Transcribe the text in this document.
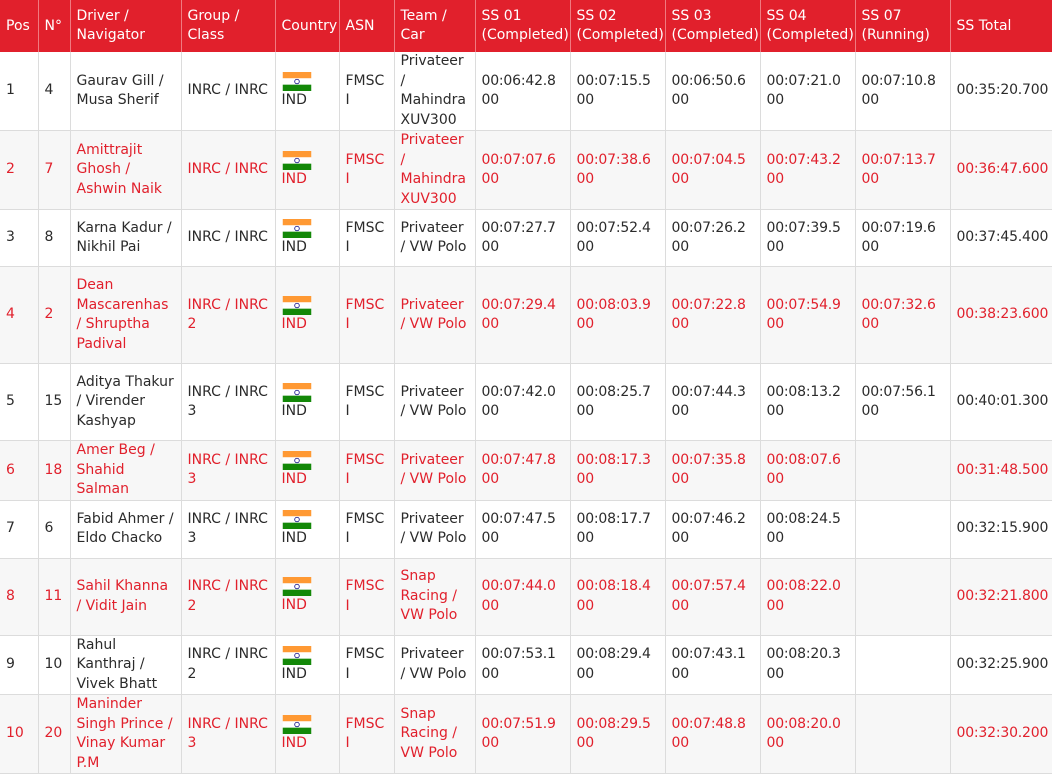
Pos	N°	Driver / Navigator	Group / Class	Country	ASN	Team / Car	SS 01 (Completed)	SS 02 (Completed)	SS 03 (Completed)	SS 04 (Completed)	SS 07 (Running)	SS Total
1	4	Gaurav Gill / Musa Sherif	INRC / INRC	IND	FMSCI	Privateer / Mahindra XUV300	00:06:42.800	00:07:15.500	00:06:50.600	00:07:21.000	00:07:10.800	00:35:20.700
2	7	Amittrajit Ghosh / Ashwin Naik	INRC / INRC	IND	FMSCI	Privateer / Mahindra XUV300	00:07:07.600	00:07:38.600	00:07:04.500	00:07:43.200	00:07:13.700	00:36:47.600
3	8	Karna Kadur / Nikhil Pai	INRC / INRC	IND	FMSCI	Privateer / VW Polo	00:07:27.700	00:07:52.400	00:07:26.200	00:07:39.500	00:07:19.600	00:37:45.400
4	2	Dean Mascarenhas / Shruptha Padival	INRC / INRC 2	IND	FMSCI	Privateer / VW Polo	00:07:29.400	00:08:03.900	00:07:22.800	00:07:54.900	00:07:32.600	00:38:23.600
5	15	Aditya Thakur / Virender Kashyap	INRC / INRC 3	IND	FMSCI	Privateer / VW Polo	00:07:42.000	00:08:25.700	00:07:44.300	00:08:13.200	00:07:56.100	00:40:01.300
6	18	Amer Beg / Shahid Salman	INRC / INRC 3	IND	FMSCI	Privateer / VW Polo	00:07:47.800	00:08:17.300	00:07:35.800	00:08:07.600		00:31:48.500
7	6	Fabid Ahmer / Eldo Chacko	INRC / INRC 3	IND	FMSCI	Privateer / VW Polo	00:07:47.500	00:08:17.700	00:07:46.200	00:08:24.500		00:32:15.900
8	11	Sahil Khanna / Vidit Jain	INRC / INRC 2	IND	FMSCI	Snap Racing / VW Polo	00:07:44.000	00:08:18.400	00:07:57.400	00:08:22.000		00:32:21.800
9	10	Rahul Kanthraj / Vivek Bhatt	INRC / INRC 2	IND	FMSCI	Privateer / VW Polo	00:07:53.100	00:08:29.400	00:07:43.100	00:08:20.300		00:32:25.900
10	20	Maninder Singh Prince / Vinay Kumar P.M	INRC / INRC 3	IND	FMSCI	Snap Racing / VW Polo	00:07:51.900	00:08:29.500	00:07:48.800	00:08:20.000		00:32:30.200
